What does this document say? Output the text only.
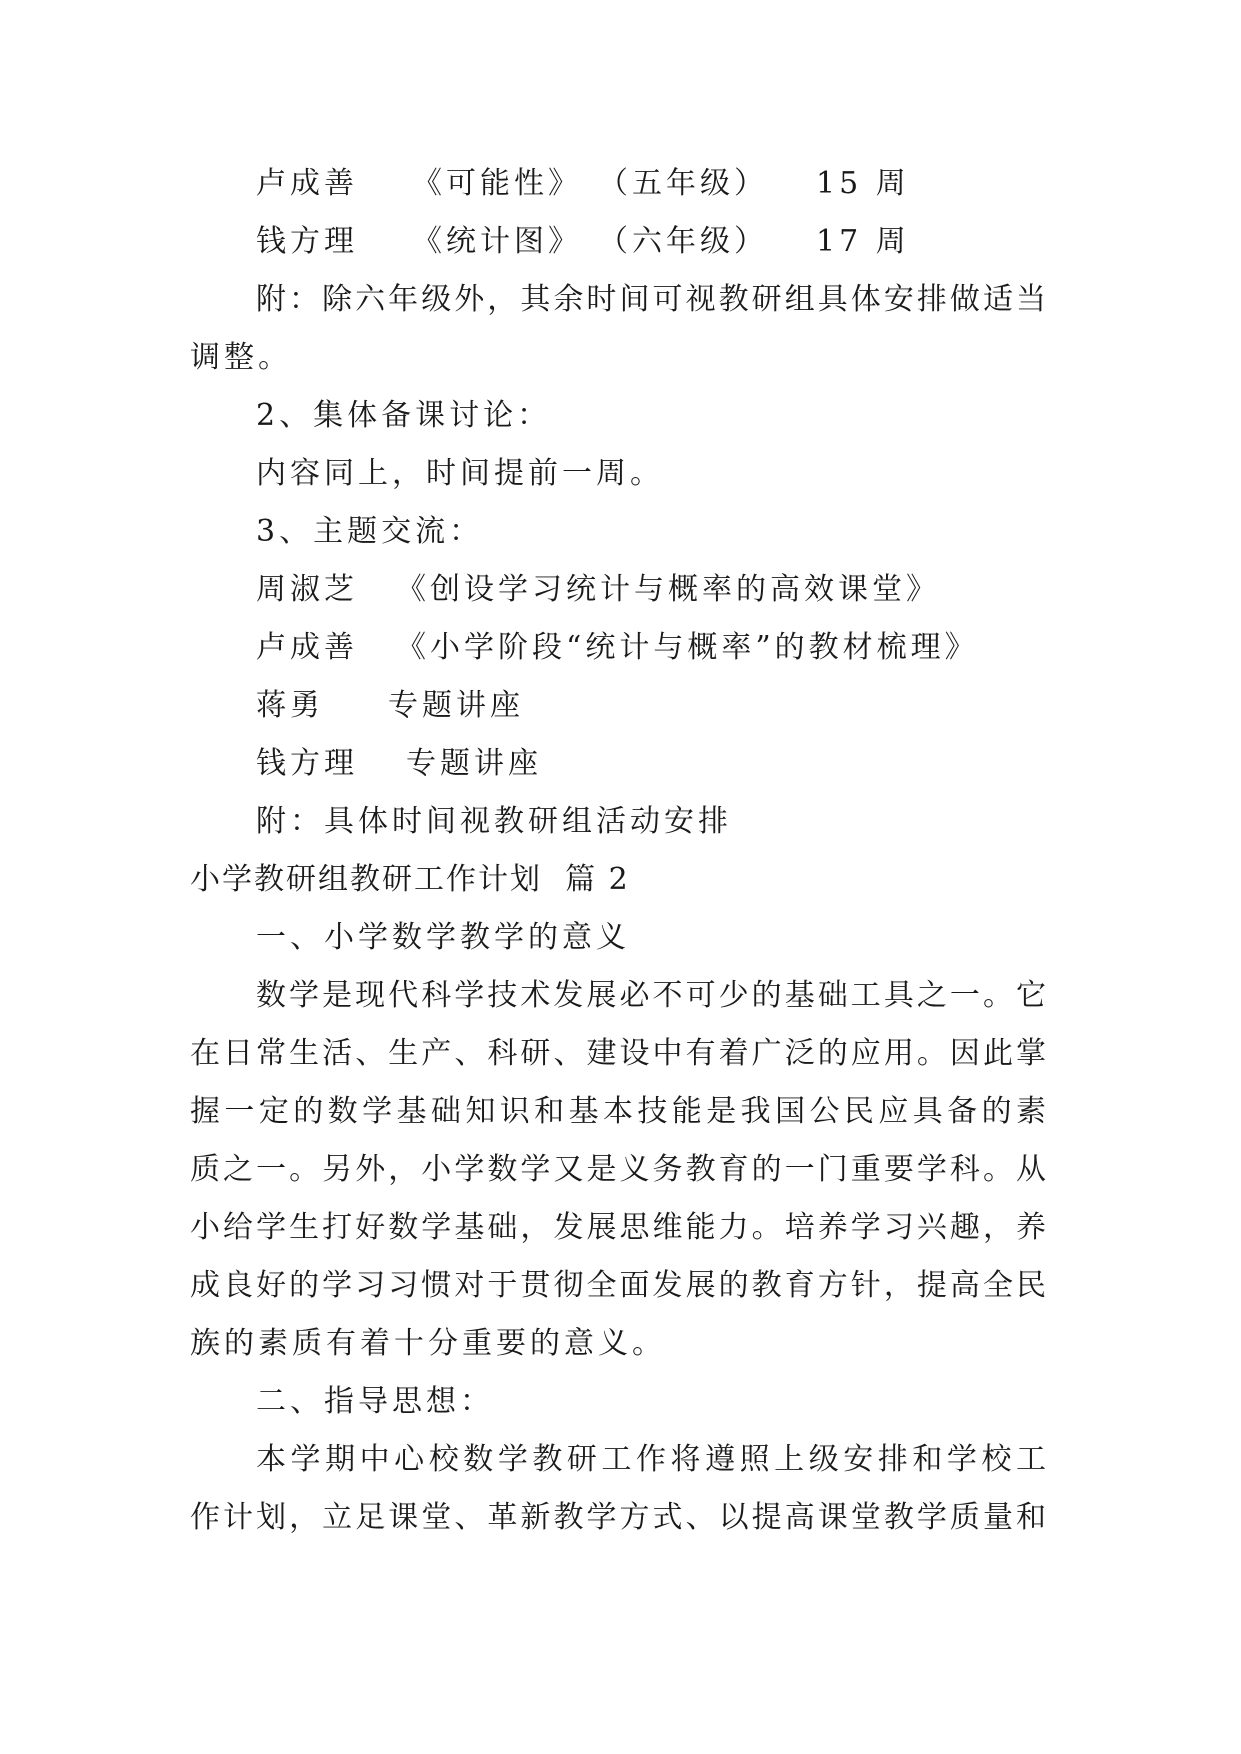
卢成善 《可能性》 （五年级） 15 周
钱方理 《统计图》 （六年级） 17 周
附：除六年级外，其余时间可视教研组具体安排做适当
调整。
2、集体备课讨论：
内容同上，时间提前一周。
3、主题交流：
周淑芝 《创设学习统计与概率的高效课堂》
卢成善 《小学阶段“统计与概率”的教材梳理》
蒋勇 专题讲座
钱方理 专题讲座
附：具体时间视教研组活动安排
小学教研组教研工作计划  篇 2
一、小学数学教学的意义
数学是现代科学技术发展必不可少的基础工具之一。它
在日常生活、生产、科研、建设中有着广泛的应用。因此掌
握一定的数学基础知识和基本技能是我国公民应具备的素
质之一。另外，小学数学又是义务教育的一门重要学科。从
小给学生打好数学基础，发展思维能力。培养学习兴趣，养
成良好的学习习惯对于贯彻全面发展的教育方针，提高全民
族的素质有着十分重要的意义。
二、指导思想：
本学期中心校数学教研工作将遵照上级安排和学校工
作计划，立足课堂、革新教学方式、以提高课堂教学质量和
